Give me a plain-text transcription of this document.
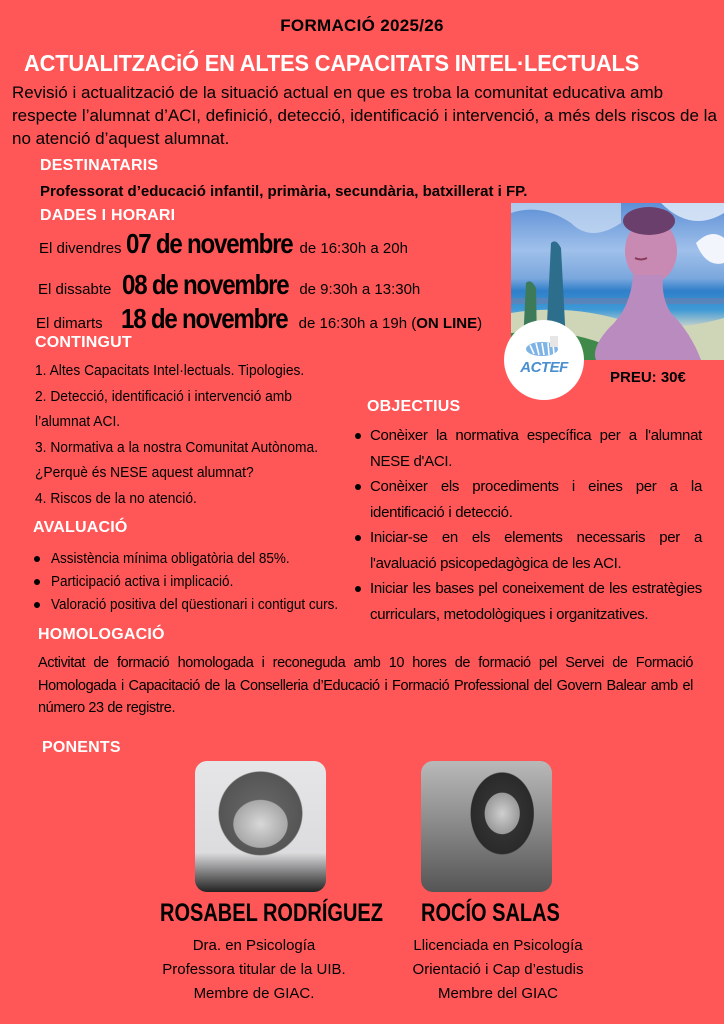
FORMACIÓ 2025/26
ACTUALITZACiÓ EN ALTES CAPACITATS INTEL·LECTUALS
Revisió i actualització de la situació actual en que es troba la comunitat educativa amb respecte l’alumnat d’ACI, definició, detecció, identificació i intervenció, a més dels riscos de la no atenció d’aquest alumnat.
DESTINATARIS
Professorat d’educació infantil, primària, secundària, batxillerat i FP.
DADES I HORARI
El divendres 07 de novembre de 16:30h a 20h
El dissabte 08 de novembre de 9:30h a 13:30h
El dimarts 18 de novembre de 16:30h a 19h (ON LINE)
ACTEF
PREU: 30€
CONTINGUT
1. Altes Capacitats Intel·lectuals. Tipologies.
2. Detecció, identificació i intervenció amb
l’alumnat ACI.
3. Normativa a la nostra Comunitat Autònoma.
¿Perquè és NESE aquest alumnat?
4. Riscos de la no atenció.
OBJECTIUS
Conèixer la normativa específica per a l'alumnat NESE d'ACI.
Conèixer els procediments i eines per a la identificació i detecció.
Iniciar-se en els elements necessaris per a l'avaluació psicopedagògica de les ACI.
Iniciar les bases pel coneixement de les estratègies curriculars, metodològiques i organitzatives.
AVALUACIÓ
Assistència mínima obligatòria del 85%.
Participació activa i implicació.
Valoració positiva del qüestionari i contigut curs.
HOMOLOGACIÓ
Activitat de formació homologada i reconeguda amb 10 hores de formació pel Servei de Formació Homologada i Capacitació de la Conselleria d’Educació i Formació Professional del Govern Balear amb el número 23 de registre.
PONENTS
ROSABEL RODRÍGUEZ	ROCÍO SALAS
Dra. en Psicología
Professora titular de la UIB.
Membre de GIAC.
Llicenciada en Psicología
Orientació i Cap d’estudis
Membre del GIAC
